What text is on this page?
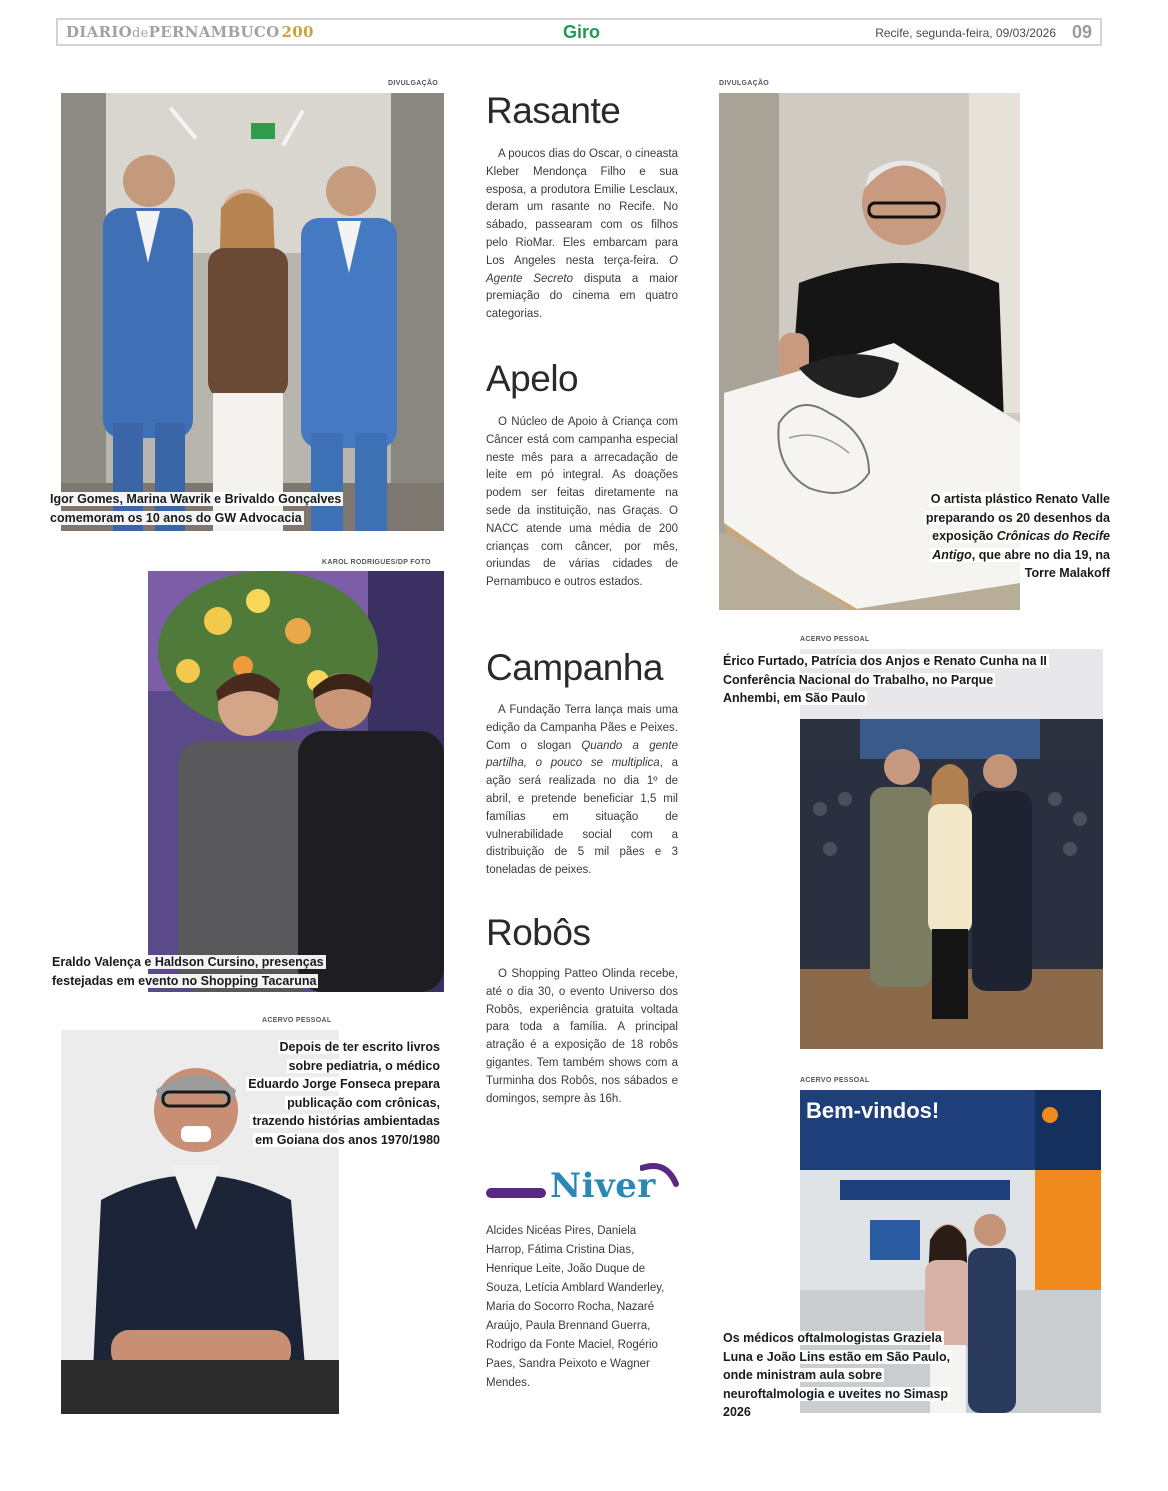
DIARIOdePERNAMBUCO 200	Giro	Recife, segunda-feira, 09/03/2026 09
DIVULGAÇÃO

Igor Gomes, Marina Wavrik e Brivaldo Gonçalves comemoram os 10 anos do GW Advocacia

KAROL RODRIGUES/DP FOTO

Eraldo Valença e Haldson Cursino, presenças festejadas em evento no Shopping Tacaruna

ACERVO PESSOAL

Depois de ter escrito livros sobre pediatria, o médico Eduardo Jorge Fonseca prepara publicação com crônicas, trazendo histórias ambientadas em Goiana dos anos 1970/1980

Rasante

A poucos dias do Oscar, o cineasta Kleber Mendonça Filho e sua esposa, a produtora Emilie Lesclaux, deram um rasante no Recife. No sábado, passearam com os filhos pelo RioMar. Eles embarcam para Los Angeles nesta terça-feira. O Agente Secreto disputa a maior premiação do cinema em quatro categorias.

Apelo

O Núcleo de Apoio à Criança com Câncer está com campanha especial neste mês para a arrecadação de leite em pó integral. As doações podem ser feitas diretamente na sede da instituição, nas Graças. O NACC atende uma média de 200 crianças com câncer, por mês, oriundas de várias cidades de Pernambuco e outros estados.

Campanha

A Fundação Terra lança mais uma edição da Campanha Pães e Peixes. Com o slogan Quando a gente partilha, o pouco se multiplica, a ação será realizada no dia 1º de abril, e pretende beneficiar 1,5 mil famílias em situação de vulnerabilidade social com a distribuição de 5 mil pães e 3 toneladas de peixes.

Robôs

O Shopping Patteo Olinda recebe, até o dia 30, o evento Universo dos Robôs, experiência gratuita voltada para toda a família. A principal atração é a exposição de 18 robôs gigantes. Tem também shows com a Turminha dos Robôs, nos sábados e domingos, sempre às 16h.

Niver

Alcides Nicéas Pires, Daniela Harrop, Fátima Cristina Dias, Henrique Leite, João Duque de Souza, Letícia Amblard Wanderley, Maria do Socorro Rocha, Nazaré Araújo, Paula Brennand Guerra, Rodrigo da Fonte Maciel, Rogério Paes, Sandra Peixoto e Wagner Mendes.

DIVULGAÇÃO

O artista plástico Renato Valle preparando os 20 desenhos da exposição Crônicas do Recife Antigo, que abre no dia 19, na Torre Malakoff

ACERVO PESSOAL

Érico Furtado, Patrícia dos Anjos e Renato Cunha na II Conferência Nacional do Trabalho, no Parque Anhembi, em São Paulo

ACERVO PESSOAL
Bem-vindos!

Os médicos oftalmologistas Graziela Luna e João Lins estão em São Paulo, onde ministram aula sobre neuroftalmologia e uveites no Simasp 2026
